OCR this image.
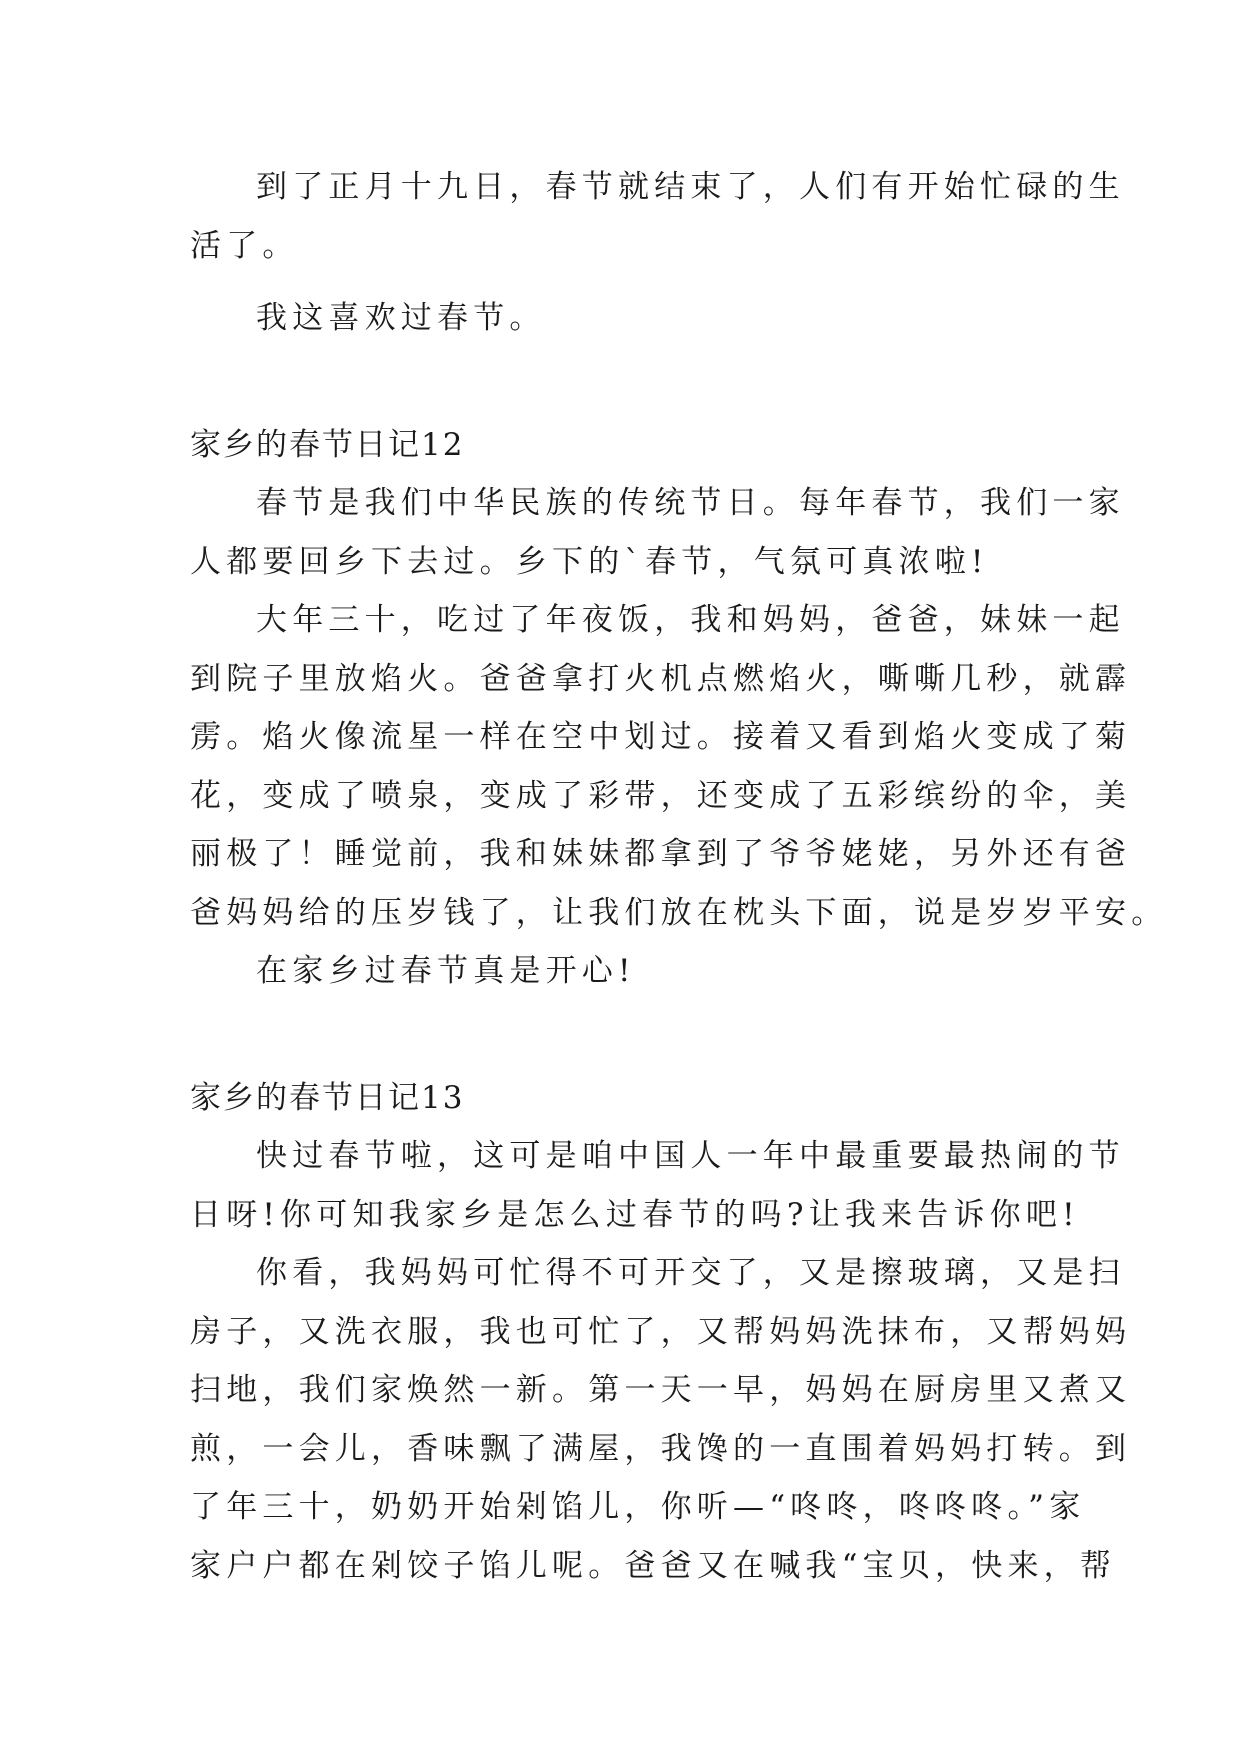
到了正月十九日，春节就结束了，人们有开始忙碌的生
活了。
我这喜欢过春节。
家乡的春节日记12
春节是我们中华民族的传统节日。每年春节，我们一家
人都要回乡下去过。乡下的`春节，气氛可真浓啦!
大年三十，吃过了年夜饭，我和妈妈，爸爸，妹妹一起
到院子里放焰火。爸爸拿打火机点燃焰火，嘶嘶几秒，就霹
雳。焰火像流星一样在空中划过。接着又看到焰火变成了菊
花，变成了喷泉，变成了彩带，还变成了五彩缤纷的伞，美
丽极了！睡觉前，我和妹妹都拿到了爷爷姥姥，另外还有爸
爸妈妈给的压岁钱了，让我们放在枕头下面，说是岁岁平安。
在家乡过春节真是开心!
家乡的春节日记13
快过春节啦，这可是咱中国人一年中最重要最热闹的节
日呀!你可知我家乡是怎么过春节的吗?让我来告诉你吧!
你看，我妈妈可忙得不可开交了，又是擦玻璃，又是扫
房子，又洗衣服，我也可忙了，又帮妈妈洗抹布，又帮妈妈
扫地，我们家焕然一新。第一天一早，妈妈在厨房里又煮又
煎，一会儿，香味飘了满屋，我馋的一直围着妈妈打转。到
了年三十，奶奶开始剁馅儿，你听—“咚咚，咚咚咚。”家
家户户都在剁饺子馅儿呢。爸爸又在喊我“宝贝，快来，帮
